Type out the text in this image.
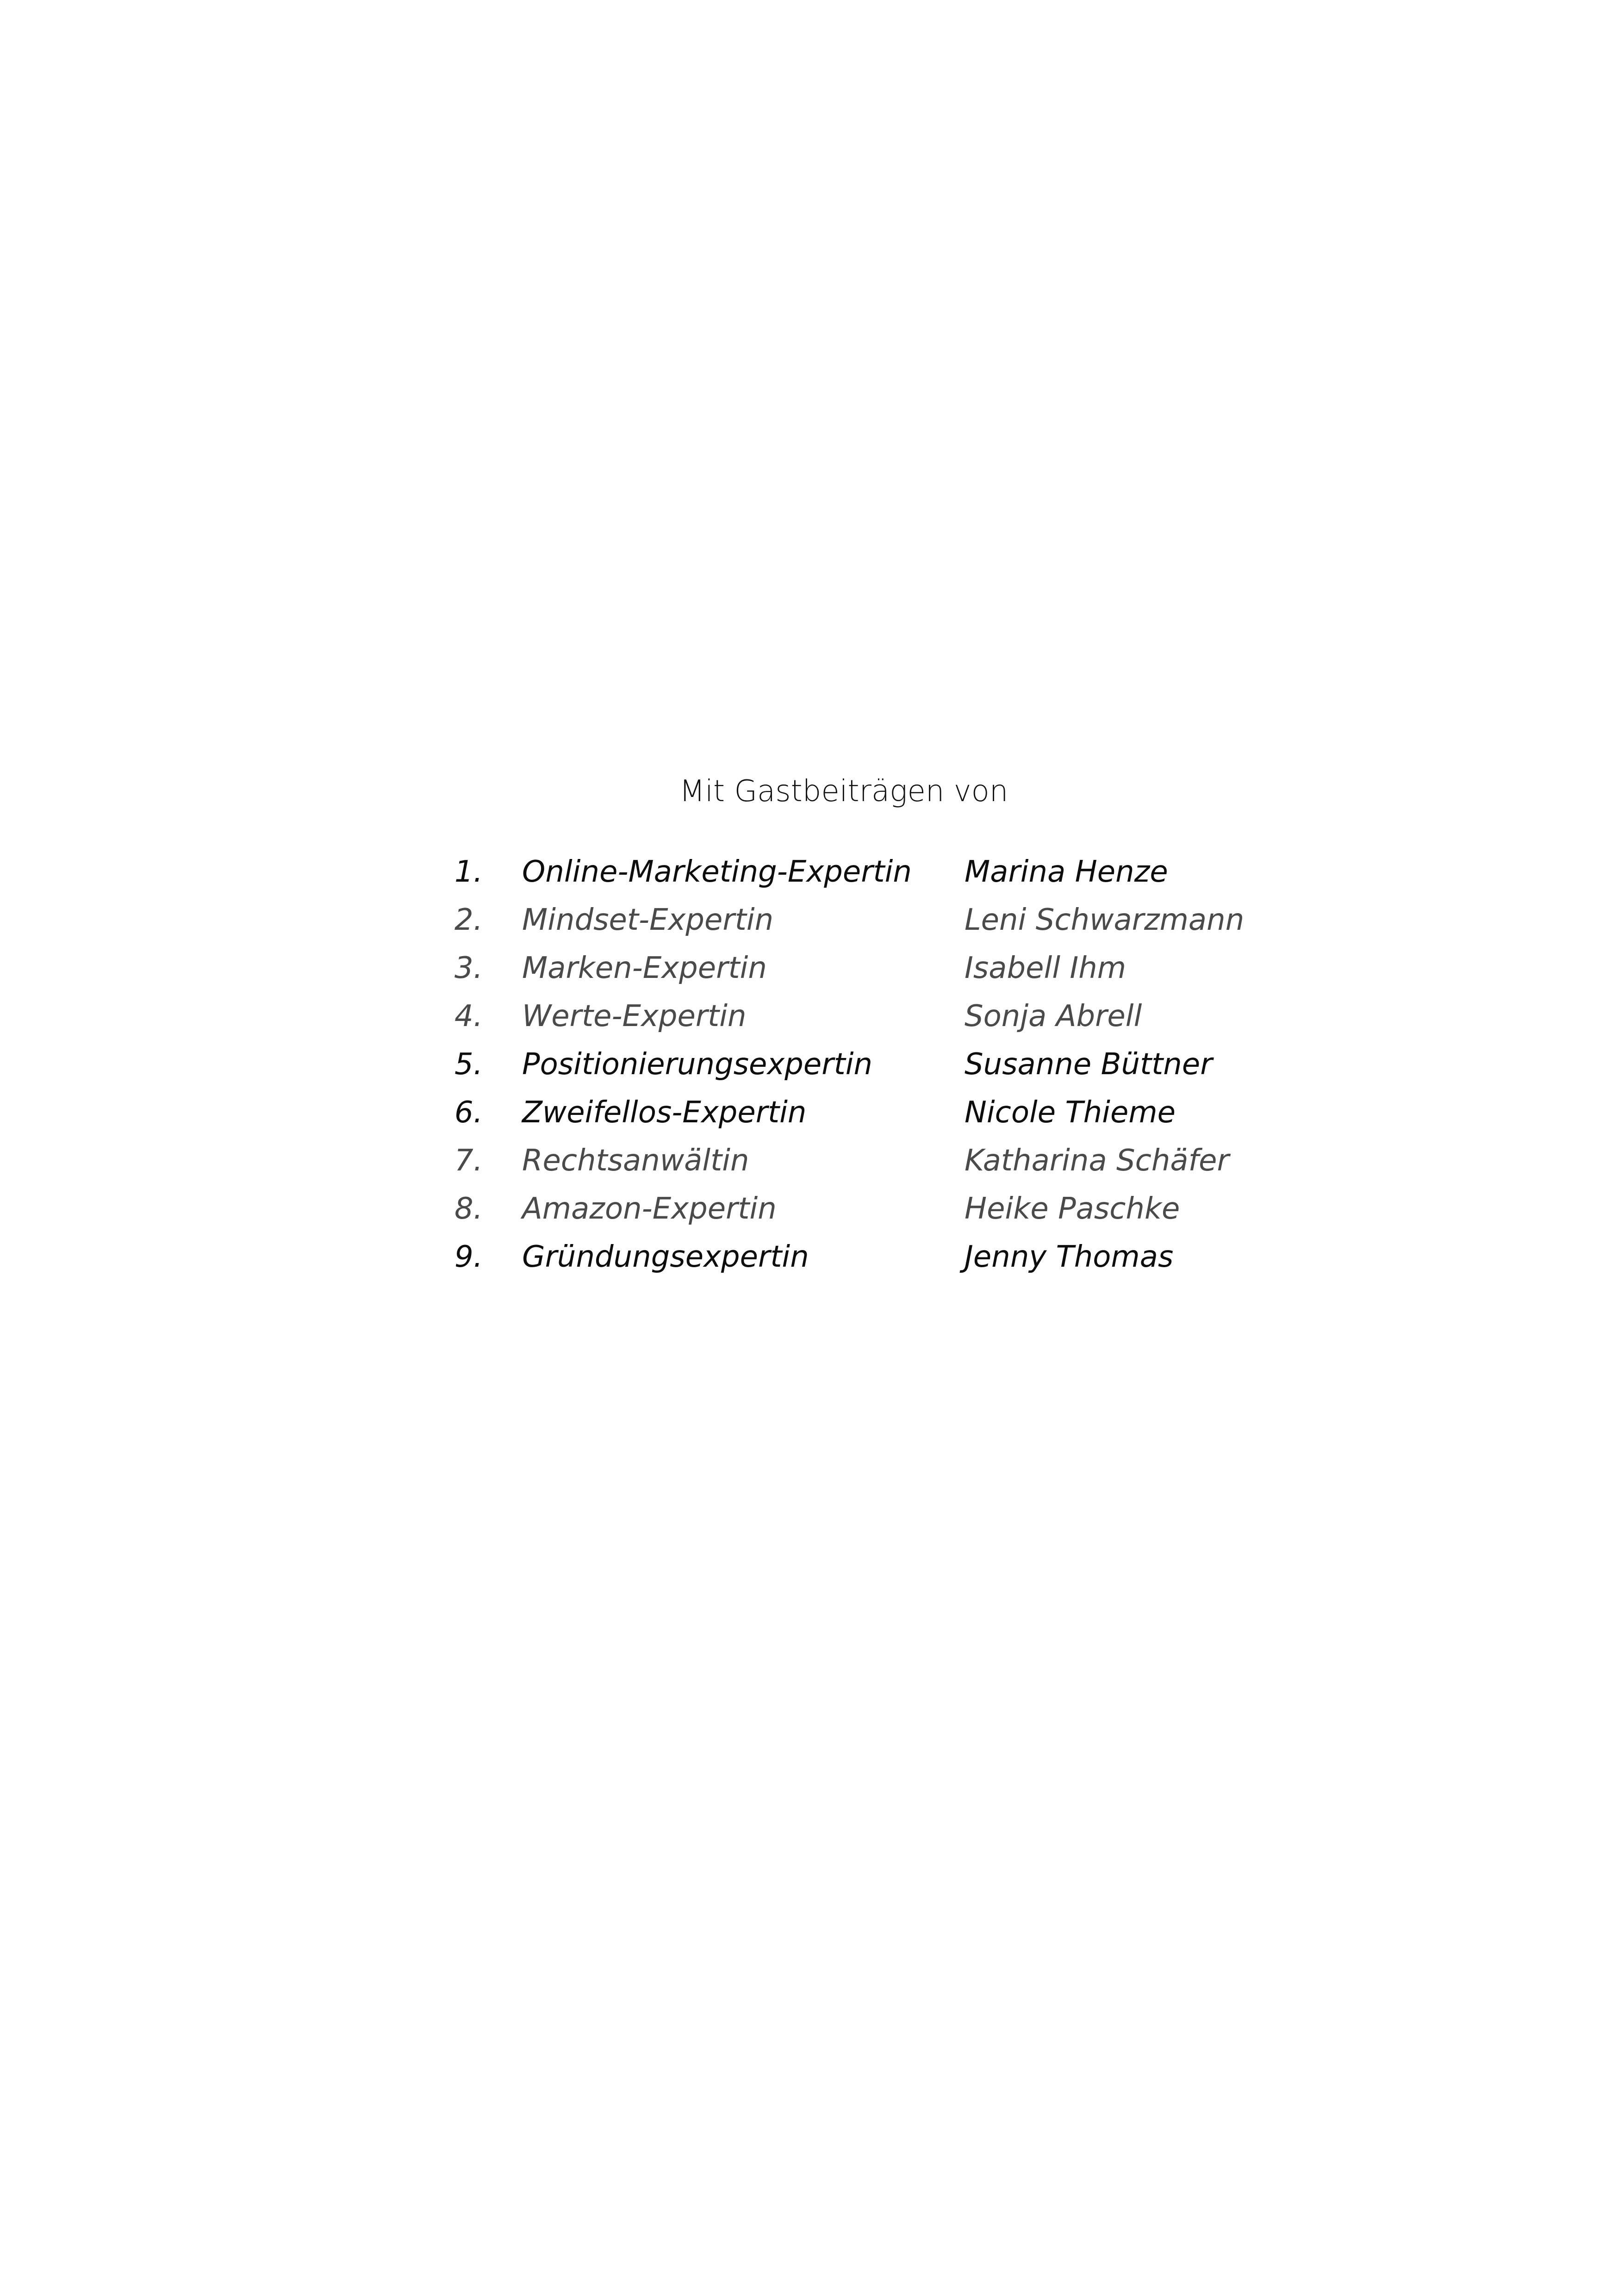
Mit Gastbeiträgen von
1. Online-Marketing-Expertin Marina Henze
2. Mindset-Expertin	Leni Schwarzmann
3. Marken-Expertin	Isabell Ihm
4. Werte-Expertin	Sonja Abrell
5. Positionierungsexpertin	Susanne Büttner
6. Zweifellos-Expertin	Nicole Thieme
7. Rechtsanwältin	Katharina Schäfer
8. Amazon-Expertin	Heike Paschke
9. Gründungsexpertin	Jenny Thomas
